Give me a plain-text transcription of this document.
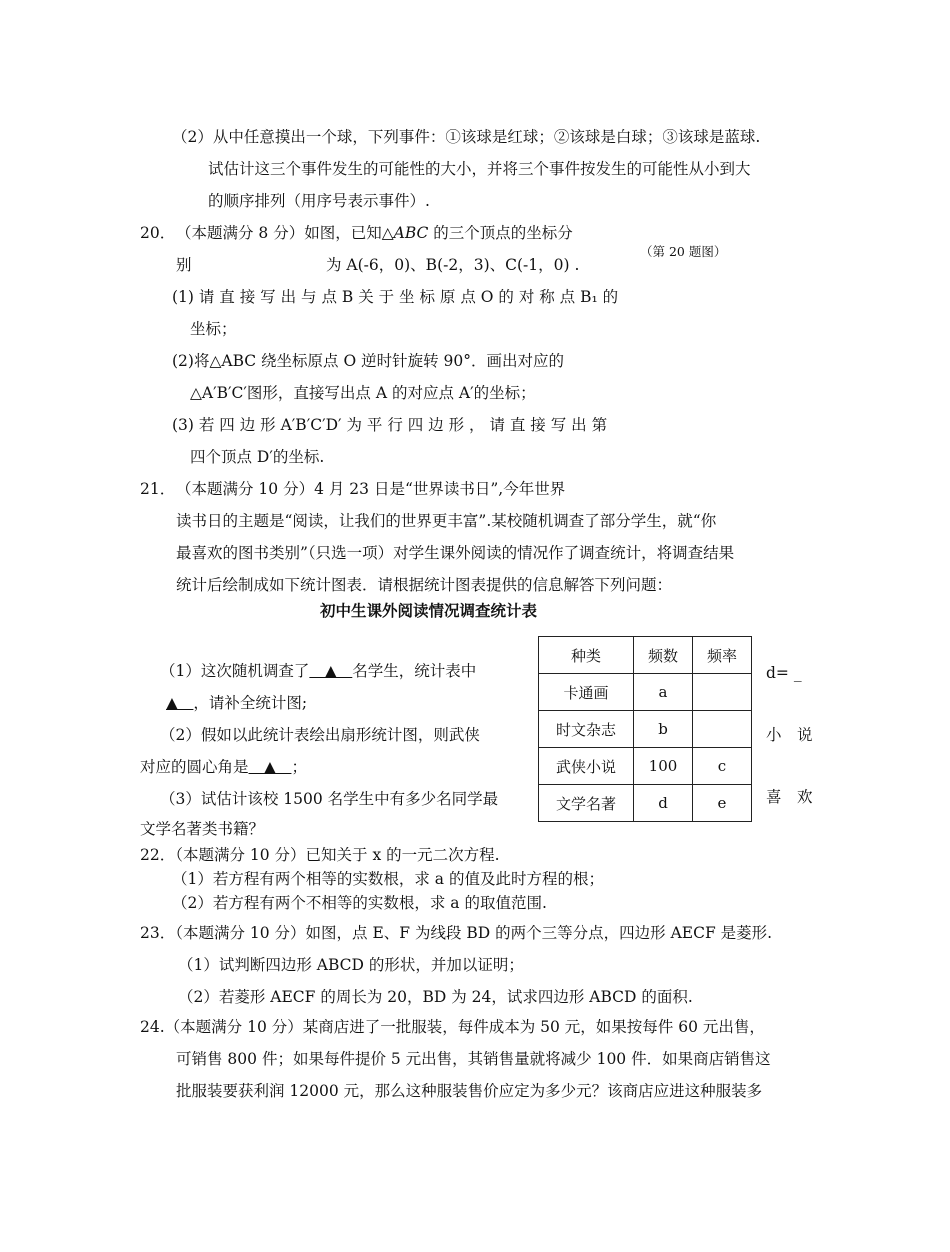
（2）从中任意摸出一个球，下列事件：①该球是红球；②该球是白球；③该球是蓝球.
试估计这三个事件发生的可能性的大小，并将三个事件按发生的可能性从小到大
的顺序排列（用序号表示事件）.
20． （本题满分 8 分）如图，已知△ABC 的三个顶点的坐标分
（第 20 题图）
别	为 A(-6，0)、B(-2，3)、C(-1，0) .
(1) 请 直 接 写 出 与 点 B 关 于 坐 标 原 点 O 的 对 称 点 B₁ 的
坐标；
(2)将△ABC 绕坐标原点 O 逆时针旋转 90°．画出对应的
△A′B′C′图形，直接写出点 A 的对应点 A′的坐标；
(3) 若 四 边 形 A′B′C′D′ 为 平 行 四 边 形 ， 请 直 接 写 出 第
四个顶点 D′的坐标.
21． （本题满分 10 分）4 月 23 日是“世界读书日”,今年世界
读书日的主题是“阅读，让我们的世界更丰富”.某校随机调查了部分学生，就“你
最喜欢的图书类别”（只选一项）对学生课外阅读的情况作了调查统计，将调查结果
统计后绘制成如下统计图表．请根据统计图表提供的信息解答下列问题：
初中生课外阅读情况调查统计表
种类	频数	频率
卡通画	a	
时文杂志	b	
武侠小说	100	c
文学名著	d	e
d= _
小　说
喜　欢
（1）这次随机调查了　▲　名学生，统计表中
▲　，请补全统计图;
（2）假如以此统计表绘出扇形统计图，则武侠
对应的圆心角是　▲　；
（3）试估计该校 1500 名学生中有多少名同学最
文学名著类书籍？
22．（本题满分 10 分）已知关于 x 的一元二次方程.
（1）若方程有两个相等的实数根，求 a 的值及此时方程的根；
（2）若方程有两个不相等的实数根，求 a 的取值范围.
23．（本题满分 10 分）如图，点 E、F 为线段 BD 的两个三等分点，四边形 AECF 是菱形.
（1）试判断四边形 ABCD 的形状，并加以证明；
（2）若菱形 AECF 的周长为 20，BD 为 24，试求四边形 ABCD 的面积.
24.（本题满分 10 分）某商店进了一批服装，每件成本为 50 元，如果按每件 60 元出售，
可销售 800 件；如果每件提价 5 元出售，其销售量就将减少 100 件．如果商店销售这
批服装要获利润 12000 元，那么这种服装售价应定为多少元？该商店应进这种服装多
